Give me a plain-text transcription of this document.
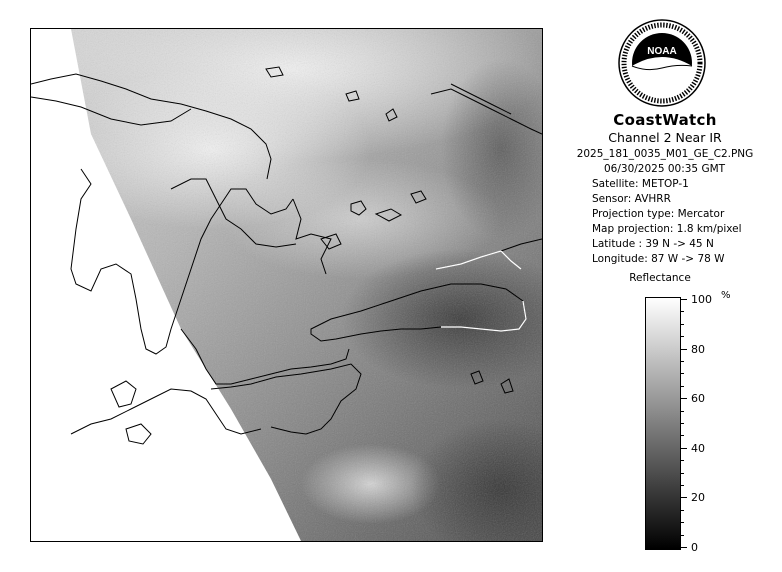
NOAA
CoastWatch
Channel 2 Near IR
2025_181_0035_M01_GE_C2.PNG
06/30/2025 00:35 GMT
Satellite: METOP-1
Sensor: AVHRR
Projection type: Mercator
Map projection: 1.8 km/pixel
Latitude : 39 N -> 45 N
Longitude: 87 W -> 78 W
Reflectance
%
100
80
60
40
20
0
